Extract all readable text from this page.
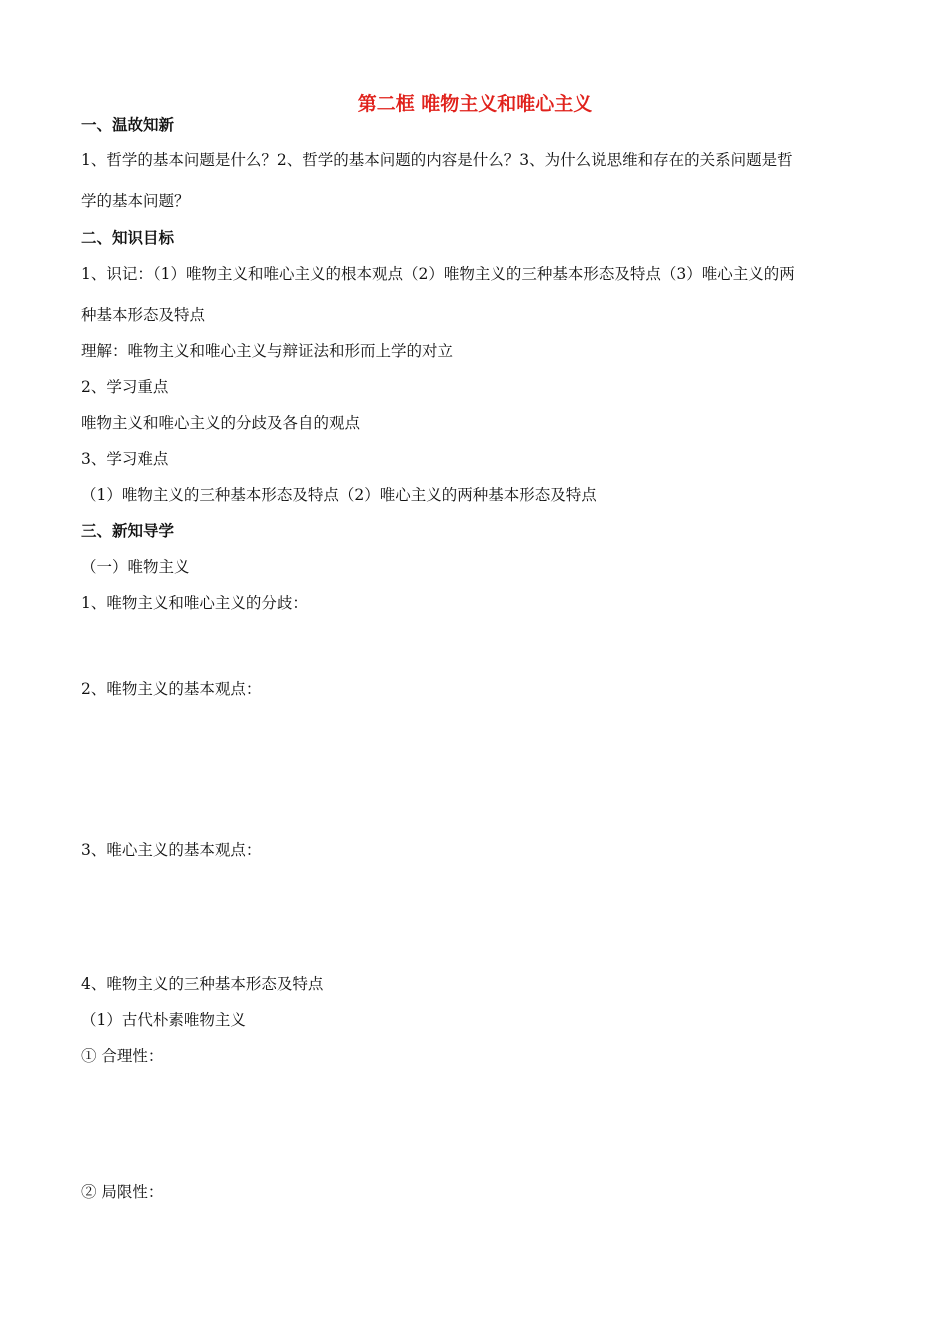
第二框 唯物主义和唯心主义
一、温故知新
1、哲学的基本问题是什么？2、哲学的基本问题的内容是什么？3、为什么说思维和存在的关系问题是哲
学的基本问题？
二、知识目标
1、识记：（1）唯物主义和唯心主义的根本观点（2）唯物主义的三种基本形态及特点（3）唯心主义的两
种基本形态及特点
理解：唯物主义和唯心主义与辩证法和形而上学的对立
2、学习重点
唯物主义和唯心主义的分歧及各自的观点
3、学习难点
（1）唯物主义的三种基本形态及特点（2）唯心主义的两种基本形态及特点
三、新知导学
（一）唯物主义
1、唯物主义和唯心主义的分歧：
2、唯物主义的基本观点：
3、唯心主义的基本观点：
4、唯物主义的三种基本形态及特点
（1）古代朴素唯物主义
① 合理性：
② 局限性：
